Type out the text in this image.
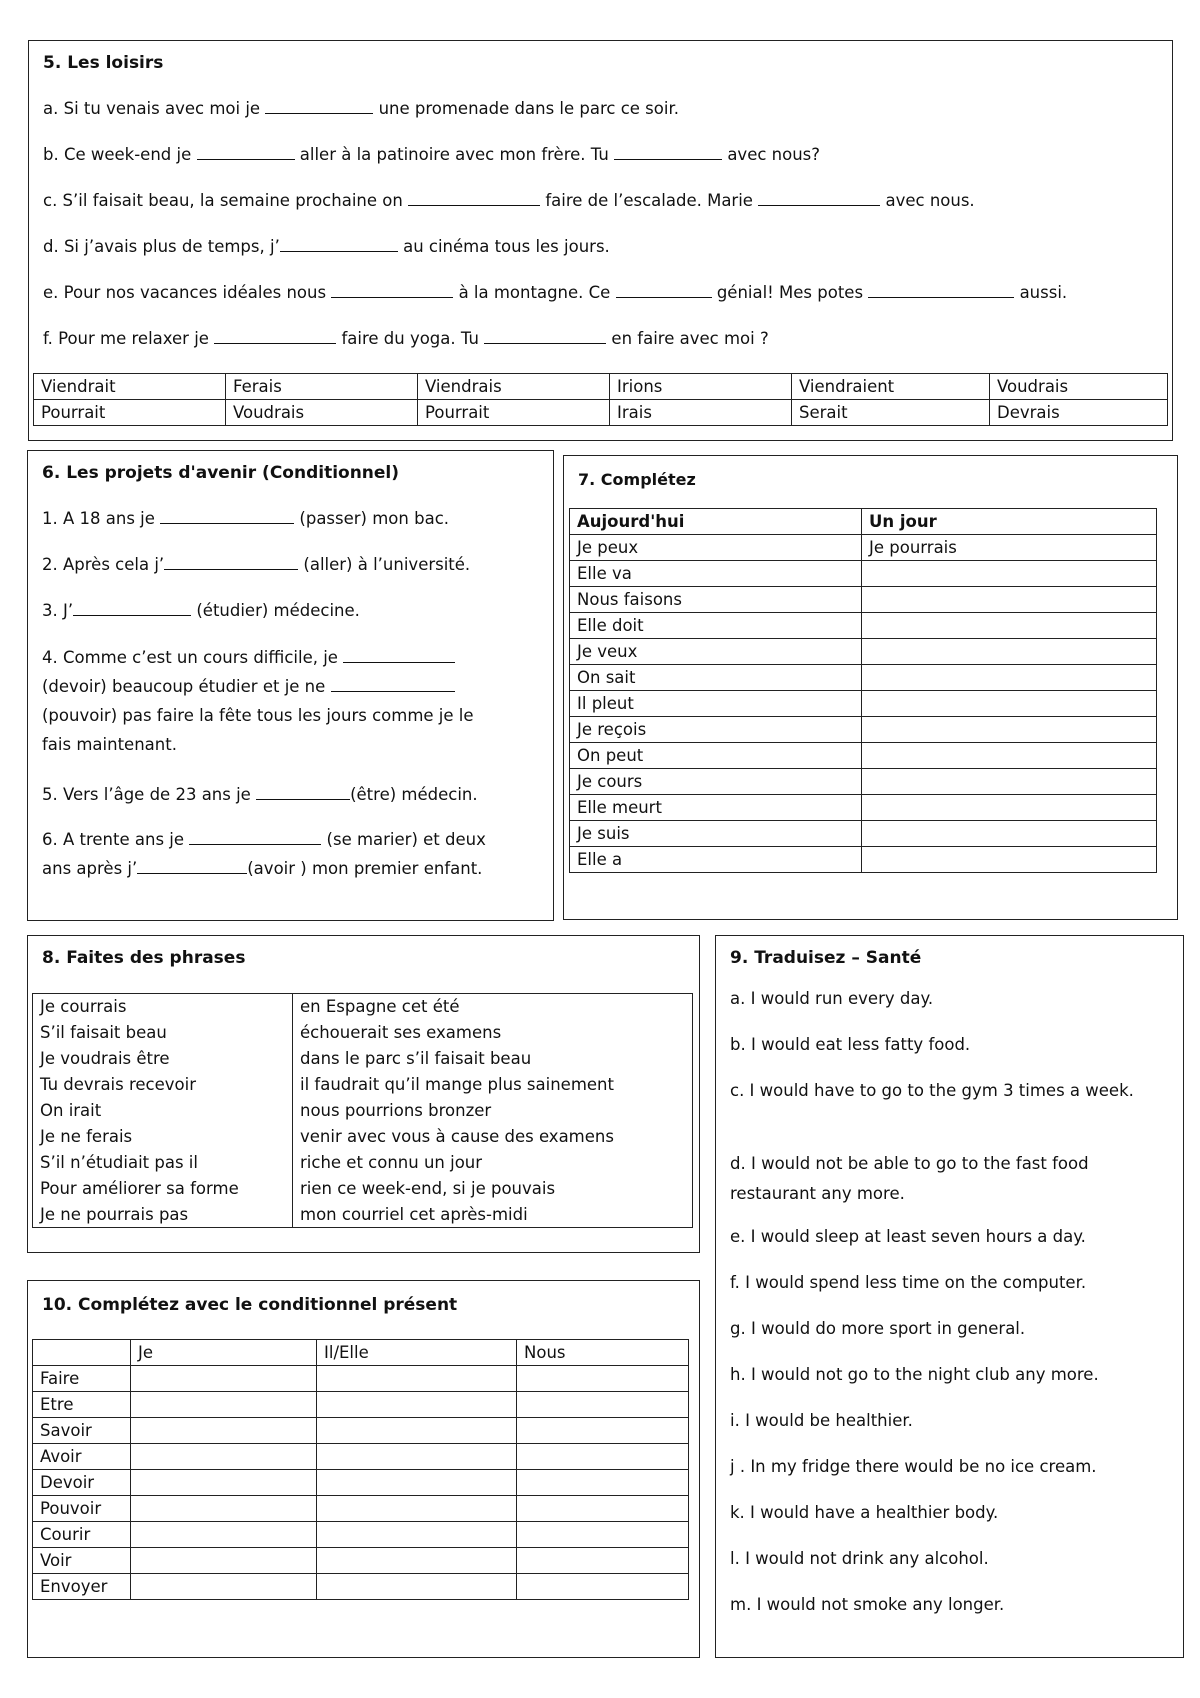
5. Les loisirs
a. Si tu venais avec moi je	une promenade dans le parc ce soir.
b. Ce week-end je	aller à la patinoire avec mon frère. Tu	avec nous?
c. S’il faisait beau, la semaine prochaine on	faire de l’escalade. Marie	avec nous.
d. Si j’avais plus de temps, j’	au cinéma tous les jours.
e. Pour nos vacances idéales nous	à la montagne. Ce	génial! Mes potes	aussi.
f. Pour me relaxer je	faire du yoga. Tu	en faire avec moi ?
Viendrait	Ferais	Viendrais	Irions	Viendraient	Voudrais
Pourrait	Voudrais	Pourrait	Irais	Serait	Devrais
6. Les projets d'avenir (Conditionnel)
1. A 18 ans je	(passer) mon bac.
2. Après cela j’	(aller) à l’université.
3. J’	(étudier) médecine.
4. Comme c’est un cours difficile, je
(devoir) beaucoup étudier et je ne
(pouvoir) pas faire la fête tous les jours comme je le
fais maintenant.
5. Vers l’âge de 23 ans je	(être) médecin.
6. A trente ans je	(se marier) et deux
ans après j’	(avoir ) mon premier enfant.
7. Complétez
Aujourd'hui	Un jour
Je peux	Je pourrais
Elle va	
Nous faisons	
Elle doit	
Je veux	
On sait	
Il pleut	
Je reçois	
On peut	
Je cours	
Elle meurt	
Je suis	
Elle a	
8. Faites des phrases
Je courrais	en Espagne cet été
S’il faisait beau	échouerait ses examens
Je voudrais être	dans le parc s’il faisait beau
Tu devrais recevoir	il faudrait qu’il mange plus sainement
On irait	nous pourrions bronzer
Je ne ferais	venir avec vous à cause des examens
S’il n’étudiait pas il	riche et connu un jour
Pour améliorer sa forme	rien ce week-end, si je pouvais
Je ne pourrais pas	mon courriel cet après-midi
10. Complétez avec le conditionnel présent
	Je	Il/Elle	Nous
Faire			
Etre			
Savoir			
Avoir			
Devoir			
Pouvoir			
Courir			
Voir			
Envoyer			
9. Traduisez – Santé
a. I would run every day.
b. I would eat less fatty food.
c. I would have to go to the gym 3 times a week.
d. I would not be able to go to the fast food restaurant any more.
e. I would sleep at least seven hours a day.
f. I would spend less time on the computer.
g. I would do more sport in general.
h. I would not go to the night club any more.
i. I would be healthier.
j . In my fridge there would be no ice cream.
k. I would have a healthier body.
l. I would not drink any alcohol.
m. I would not smoke any longer.
